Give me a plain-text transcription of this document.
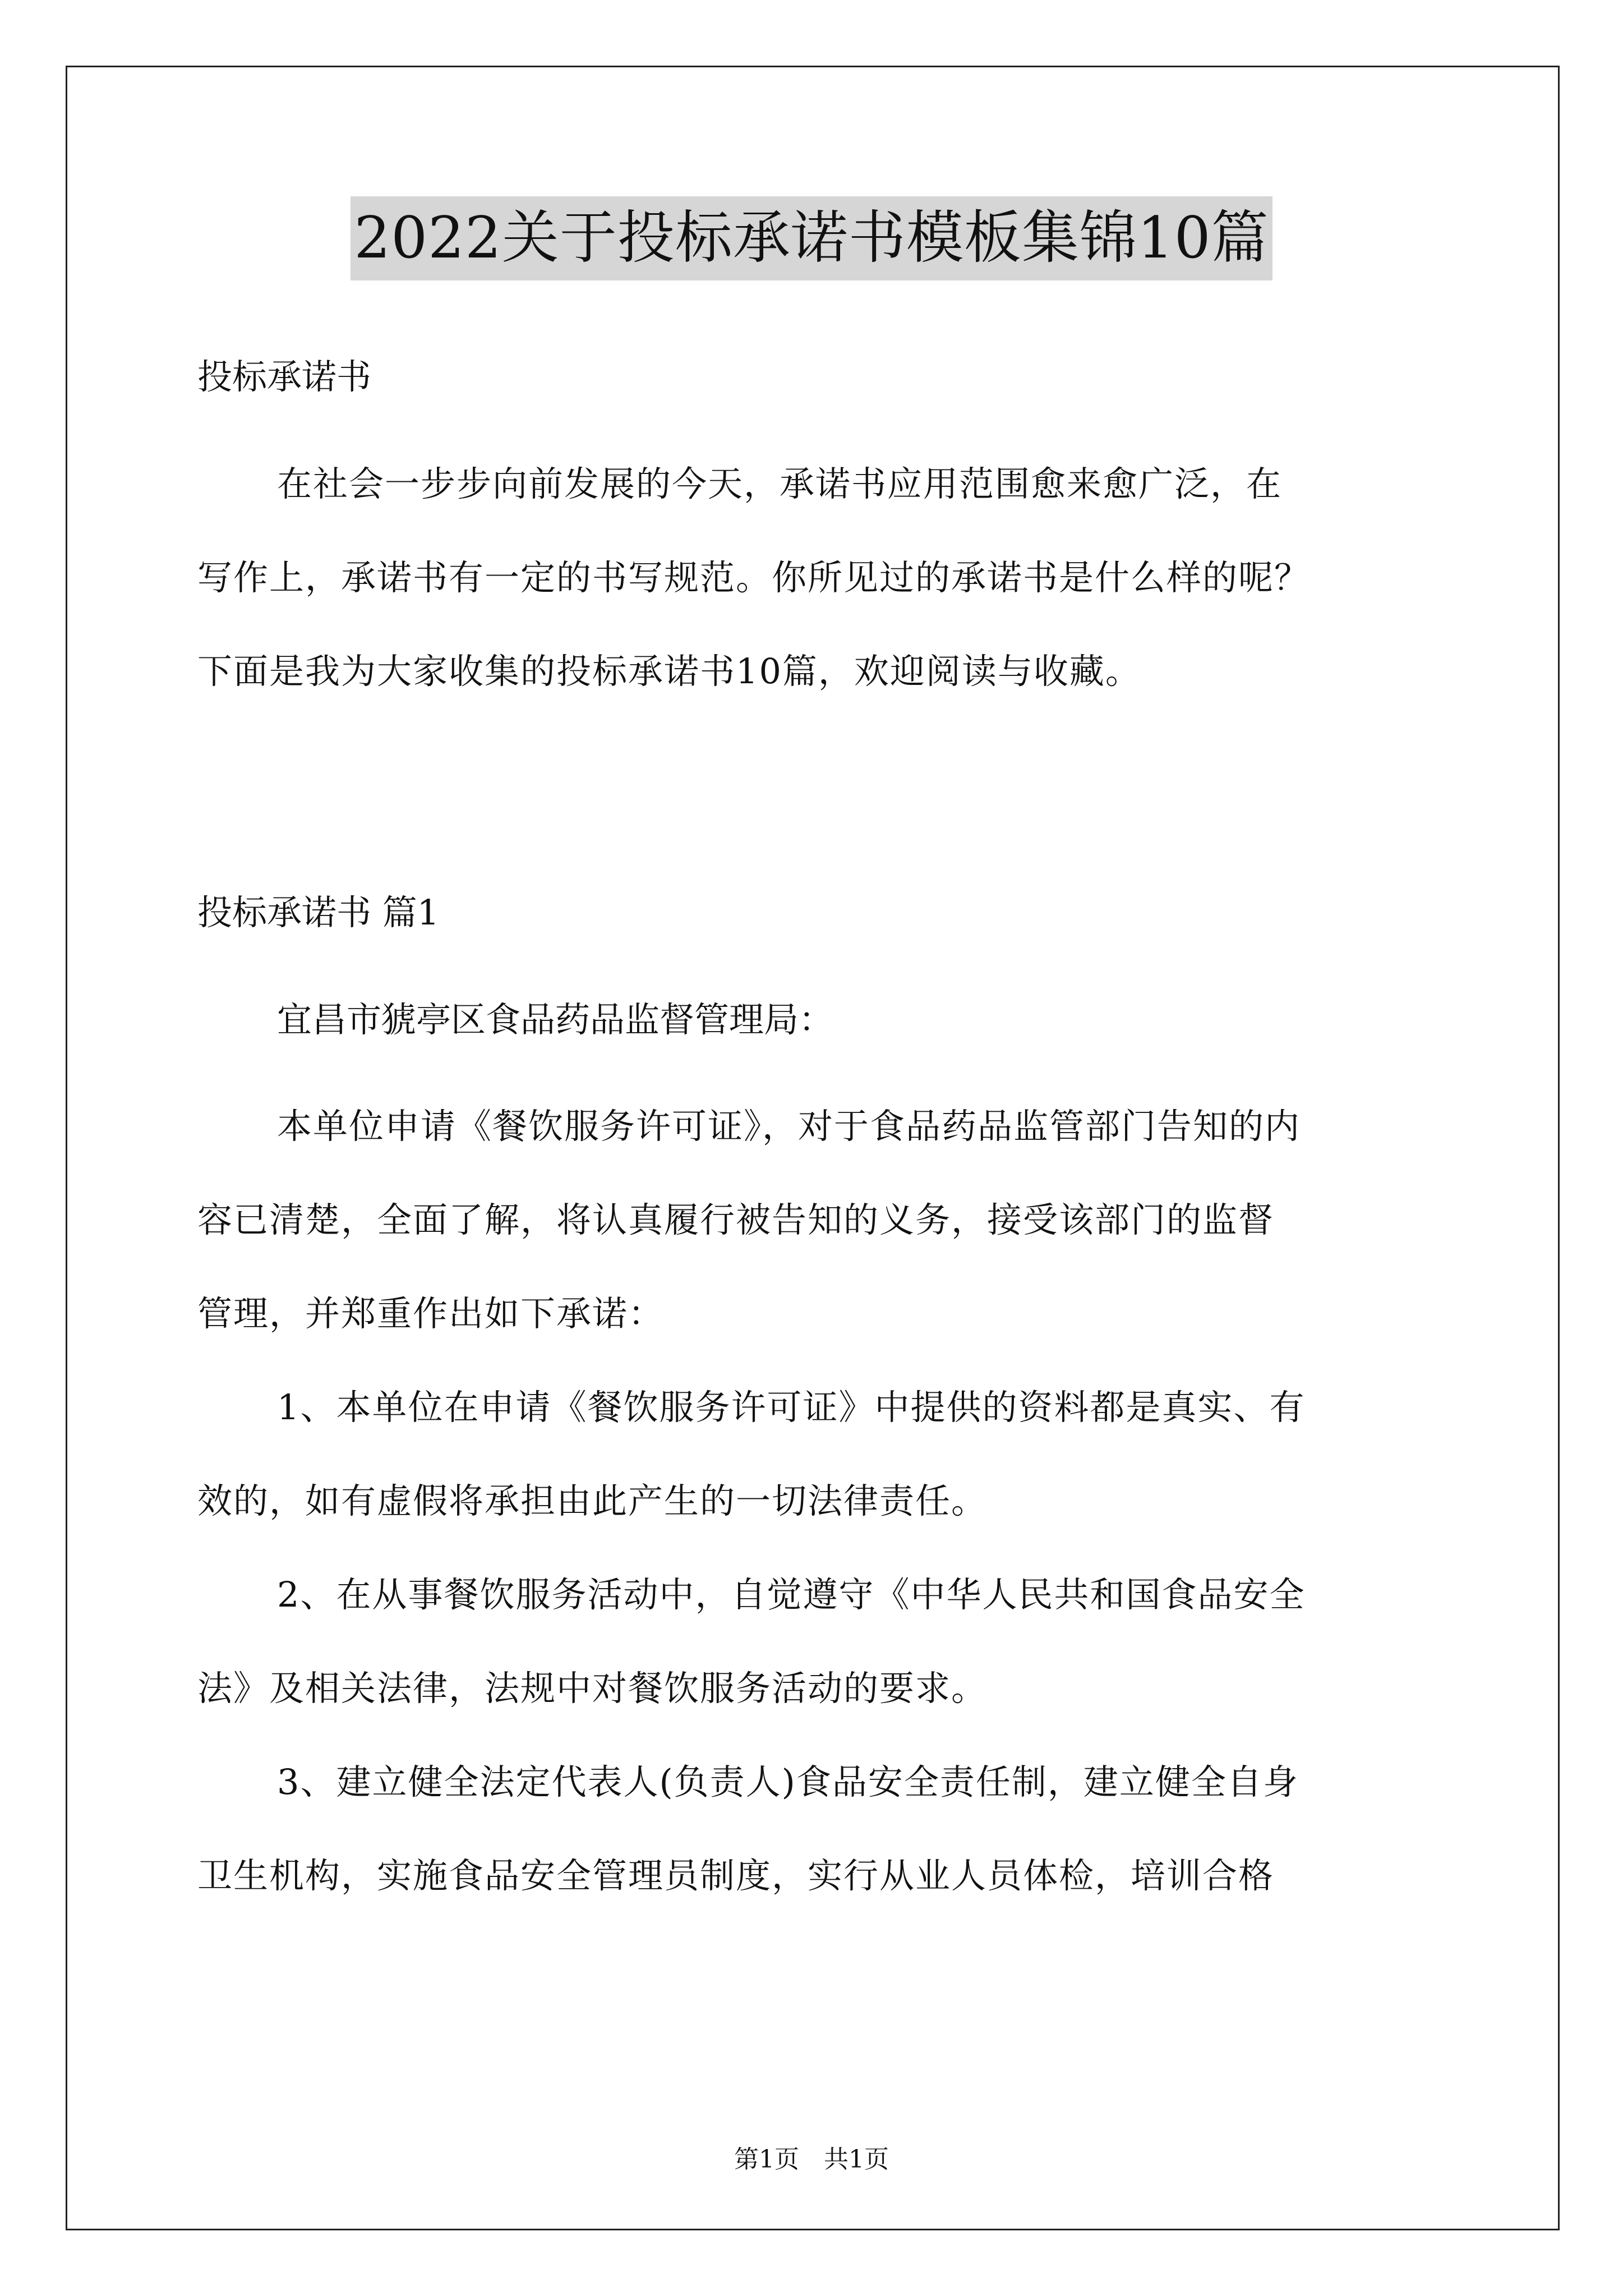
2022关于投标承诺书模板集锦10篇
投标承诺书

在社会一步步向前发展的今天，承诺书应用范围愈来愈广泛，在

写作上，承诺书有一定的书写规范。你所见过的承诺书是什么样的呢？

下面是我为大家收集的投标承诺书10篇，欢迎阅读与收藏。

投标承诺书 篇1
宜昌市猇亭区食品药品监督管理局：

本单位申请《餐饮服务许可证》，对于食品药品监管部门告知的内

容已清楚，全面了解，将认真履行被告知的义务，接受该部门的监督

管理，并郑重作出如下承诺：

1、本单位在申请《餐饮服务许可证》中提供的资料都是真实、有

效的，如有虚假将承担由此产生的一切法律责任。

2、在从事餐饮服务活动中，自觉遵守《中华人民共和国食品安全

法》及相关法律，法规中对餐饮服务活动的要求。

3、建立健全法定代表人(负责人)食品安全责任制，建立健全自身

卫生机构，实施食品安全管理员制度，实行从业人员体检，培训合格

第1页　共1页
